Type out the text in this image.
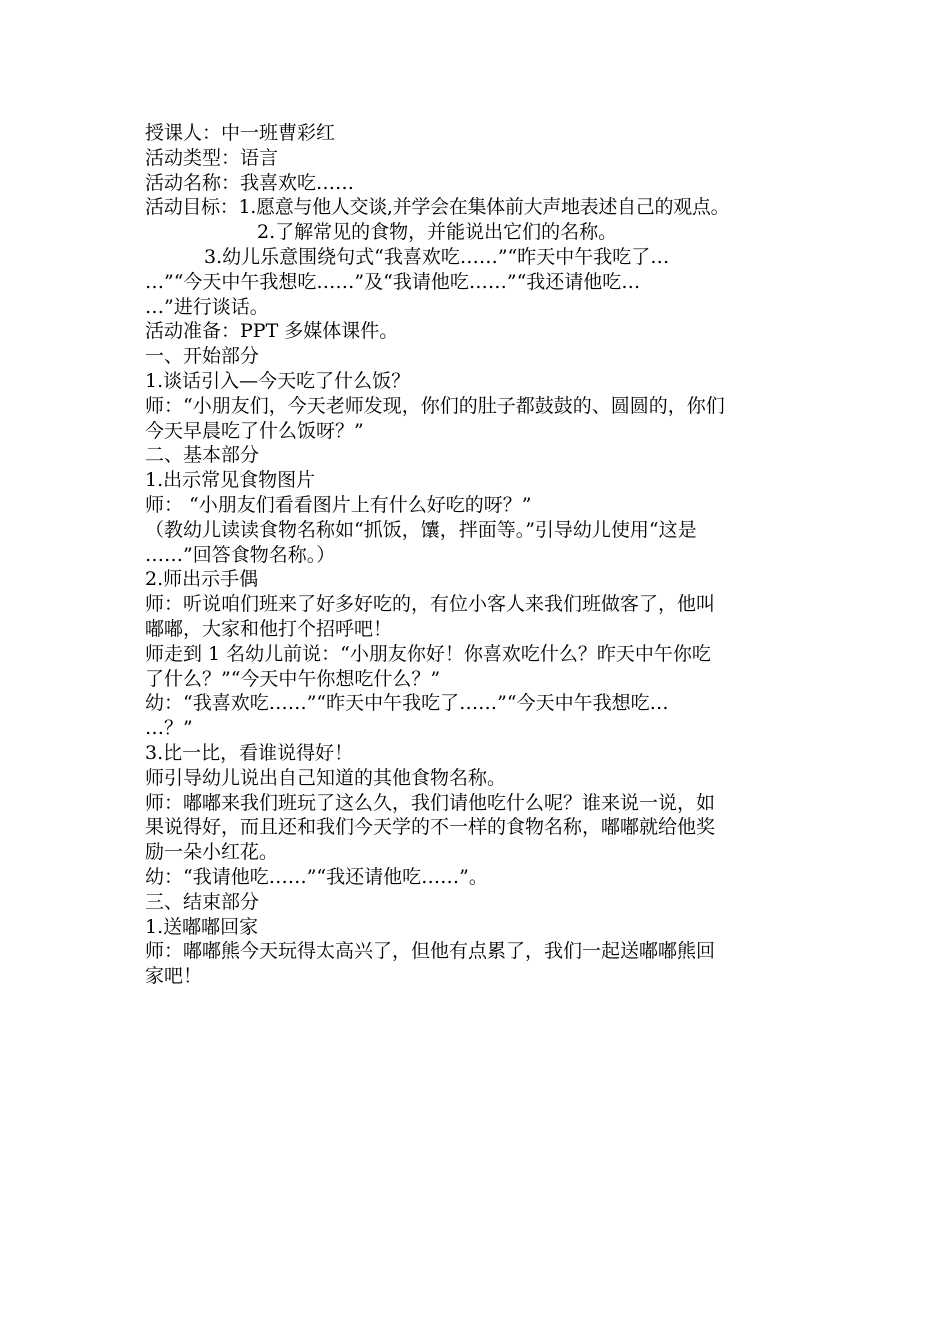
授课人：中一班曹彩红
活动类型：语言
活动名称：我喜欢吃……
活动目标：1.愿意与他人交谈,并学会在集体前大声地表述自己的观点。
2.了解常见的食物，并能说出它们的名称。
3.幼儿乐意围绕句式“我喜欢吃……”“昨天中午我吃了…
…”“今天中午我想吃……”及“我请他吃……”“我还请他吃…
…”进行谈话。
活动准备：PPT 多媒体课件。
一、开始部分
1.谈话引入—今天吃了什么饭？
师：“小朋友们，今天老师发现，你们的肚子都鼓鼓的、圆圆的，你们
今天早晨吃了什么饭呀？”
二、基本部分
1.出示常见食物图片
师： “小朋友们看看图片上有什么好吃的呀？”
（教幼儿读读食物名称如“抓饭，馕，拌面等。”引导幼儿使用“这是
……”回答食物名称。）
2.师出示手偶
师：听说咱们班来了好多好吃的，有位小客人来我们班做客了，他叫
嘟嘟，大家和他打个招呼吧！
师走到 1 名幼儿前说：“小朋友你好！你喜欢吃什么？昨天中午你吃
了什么？”“今天中午你想吃什么？”
幼：“我喜欢吃……”“昨天中午我吃了……”“今天中午我想吃…
…？”
3.比一比，看谁说得好！
师引导幼儿说出自己知道的其他食物名称。
师：嘟嘟来我们班玩了这么久，我们请他吃什么呢？谁来说一说，如
果说得好，而且还和我们今天学的不一样的食物名称，嘟嘟就给他奖
励一朵小红花。
幼：“我请他吃……”“我还请他吃……”。
三、结束部分
1.送嘟嘟回家
师：嘟嘟熊今天玩得太高兴了，但他有点累了，我们一起送嘟嘟熊回
家吧！
